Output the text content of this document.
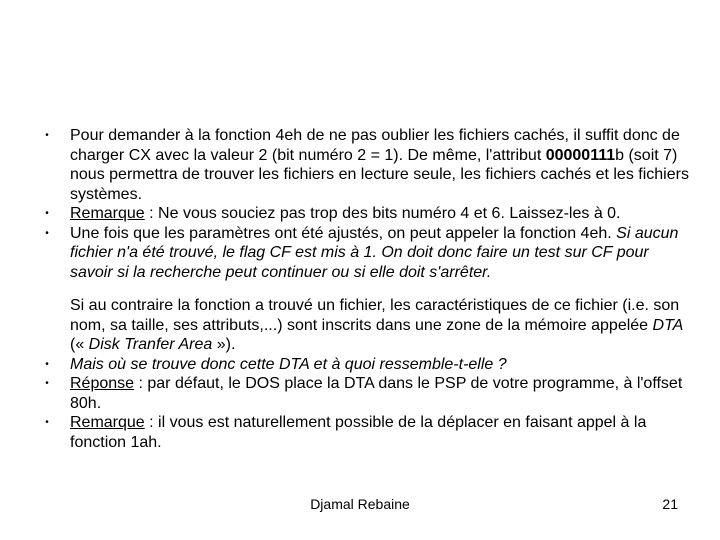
•	Pour demander à la fonction 4eh de ne pas oublier les fichiers cachés, il suffit donc de charger CX avec la valeur 2 (bit numéro 2 = 1). De même, l'attribut 00000111b (soit 7) nous permettra de trouver les fichiers en lecture seule, les fichiers cachés et les fichiers systèmes.
•	Remarque : Ne vous souciez pas trop des bits numéro 4 et 6. Laissez-les à 0.
•	Une fois que les paramètres ont été ajustés, on peut appeler la fonction 4eh. Si aucun fichier n'a été trouvé, le flag CF est mis à 1. On doit donc faire un test sur CF pour savoir si la recherche peut continuer ou si elle doit s'arrêter.
Si au contraire la fonction a trouvé un fichier, les caractéristiques de ce fichier (i.e. son nom, sa taille, ses attributs,...) sont inscrits dans une zone de la mémoire appelée DTA (« Disk Tranfer Area »).
•	Mais où se trouve donc cette DTA et à quoi ressemble-t-elle ?
•	Réponse : par défaut, le DOS place la DTA dans le PSP de votre programme, à l'offset 80h.
•	Remarque : il vous est naturellement possible de la déplacer en faisant appel à la fonction 1ah.
Djamal Rebaine	21
